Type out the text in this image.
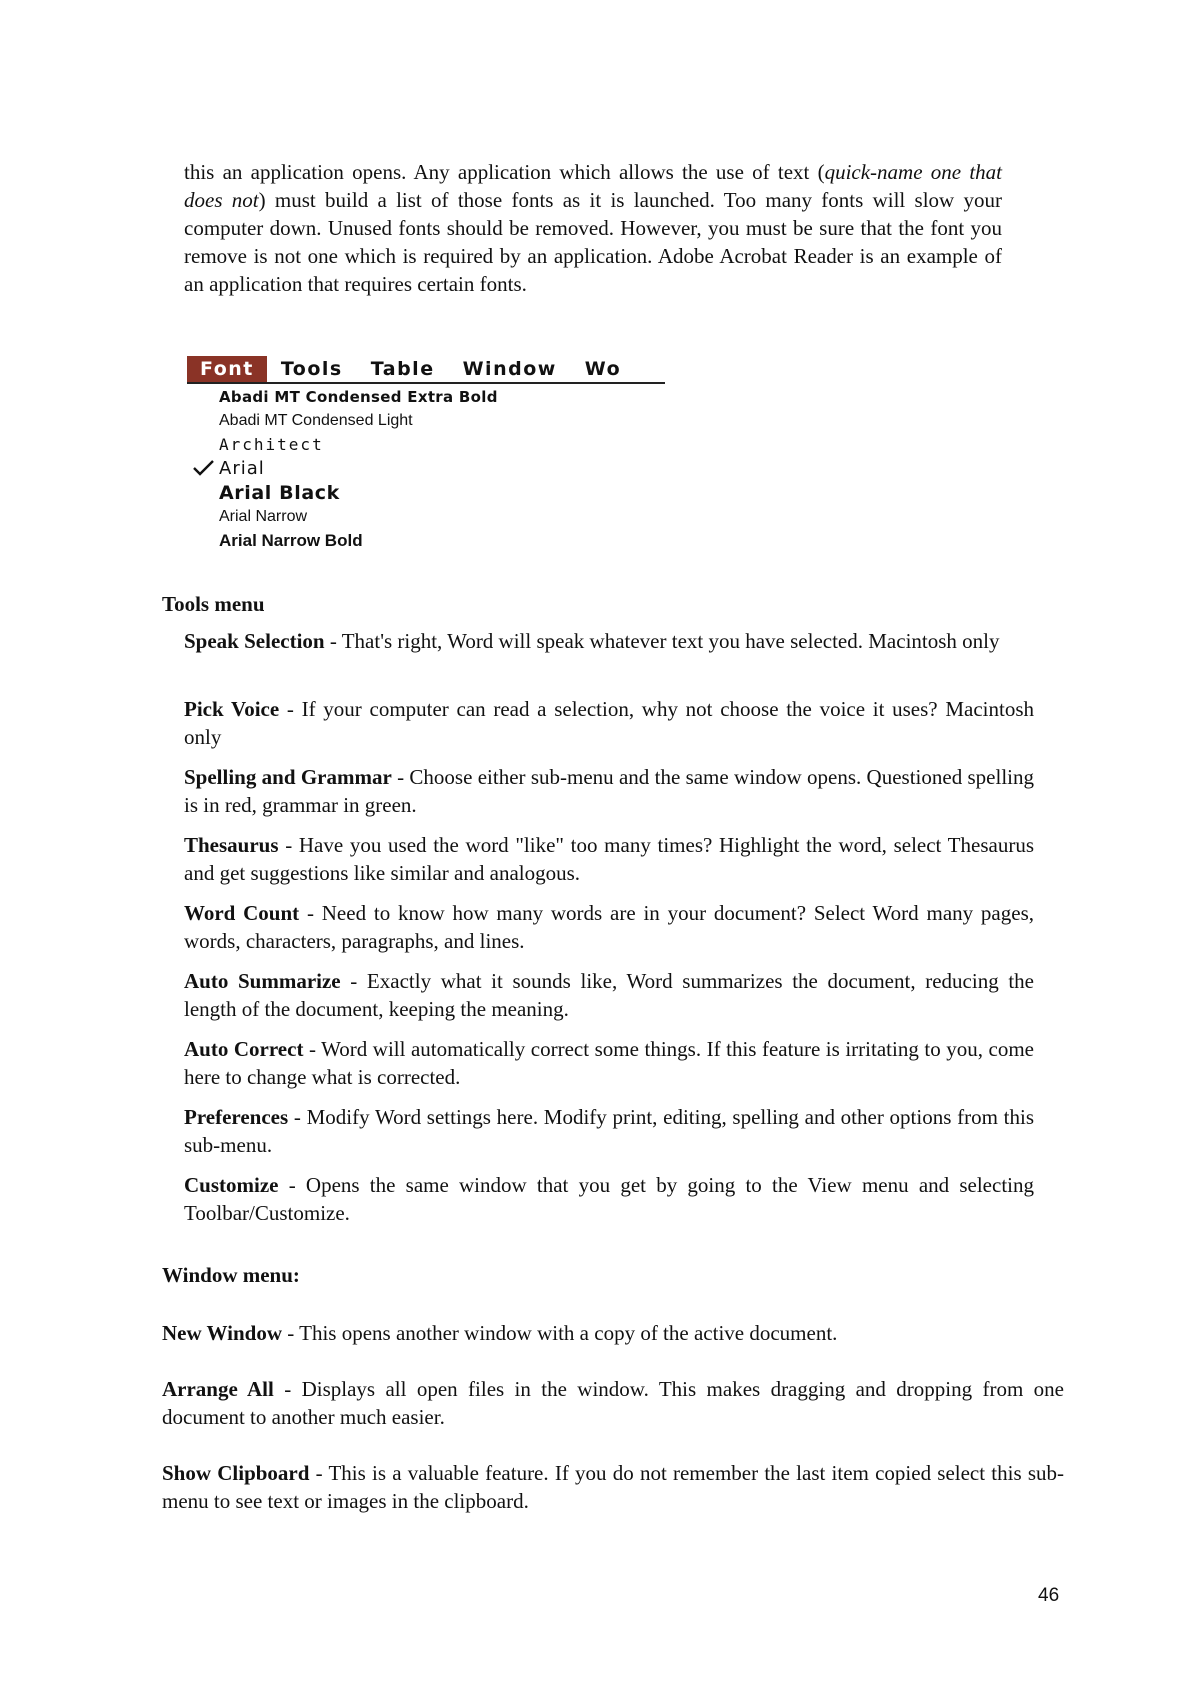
this an application opens. Any application which allows the use of text (quick-name one that does not) must build a list of those fonts as it is launched. Too many fonts will slow your computer down. Unused fonts should be removed. However, you must be sure that the font you remove is not one which is required by an application. Adobe Acrobat Reader is an example of an application that requires certain fonts.
Font	Tools	Table	Window	Wo
Abadi MT Condensed Extra Bold
Abadi MT Condensed Light
Architect
Arial
Arial Black
Arial Narrow
Arial Narrow Bold
Tools menu
Speak Selection - That's right, Word will speak whatever text you have selected. Macintosh only
Pick Voice - If your computer can read a selection, why not choose the voice it uses? Macintosh only
Spelling and Grammar - Choose either sub-menu and the same window opens. Questioned spelling is in red, grammar in green.
Thesaurus - Have you used the word "like" too many times? Highlight the word, select Thesaurus and get suggestions like similar and analogous.
Word Count - Need to know how many words are in your document? Select Word many pages, words, characters, paragraphs, and lines.
Auto Summarize - Exactly what it sounds like, Word summarizes the document, reducing the length of the document, keeping the meaning.
Auto Correct - Word will automatically correct some things. If this feature is irritating to you, come here to change what is corrected.
Preferences - Modify Word settings here. Modify print, editing, spelling and other options from this sub-menu.
Customize - Opens the same window that you get by going to the View menu and selecting Toolbar/Customize.
Window menu:
New Window - This opens another window with a copy of the active document.
Arrange All - Displays all open files in the window. This makes dragging and dropping from one document to another much easier.
Show Clipboard - This is a valuable feature. If you do not remember the last item copied select this sub-menu to see text or images in the clipboard.
46
